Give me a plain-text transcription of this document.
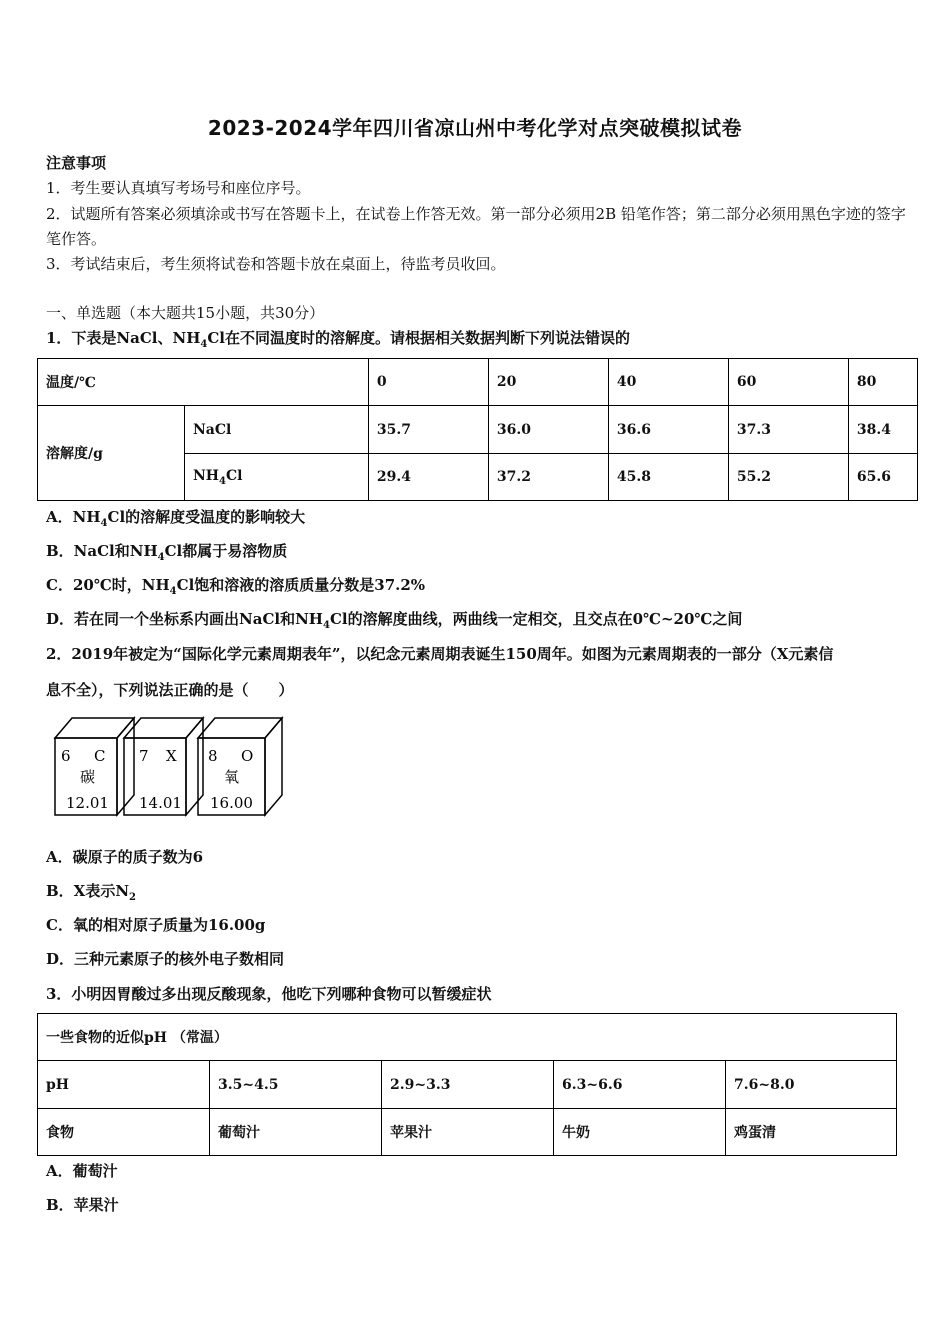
2023-2024学年四川省凉山州中考化学对点突破模拟试卷
注意事项
1．考生要认真填写考场号和座位序号。
2．试题所有答案必须填涂或书写在答题卡上，在试卷上作答无效。第一部分必须用2B 铅笔作答；第二部分必须用黑色字迹的签字笔作答。
3．考试结束后，考生须将试卷和答题卡放在桌面上，待监考员收回。
一、单选题（本大题共15小题，共30分）
1．下表是NaCl、$NH_4Cl$在不同温度时的溶解度。请根据相关数据判断下列说法错误的
温度/℃		0	20	40	60	80
溶解度/g	NaCl	35.7	36.0	36.6	37.3	38.4
	$NH_4Cl$	29.4	37.2	45.8	55.2	65.6
A．$NH_4Cl$的溶解度受温度的影响较大
B．NaCl和$NH_4Cl$都属于易溶物质
C．20℃时，$NH_4Cl$饱和溶液的溶质质量分数是37.2%
D．若在同一个坐标系内画出NaCl和$NH_4Cl$的溶解度曲线，两曲线一定相交，且交点在0℃~20℃之间
2．2019年被定为“国际化学元素周期表年”，以纪念元素周期表诞生150周年。如图为元素周期表的一部分（X元素信
息不全），下列说法正确的是（　　）
6 C
碳
12.01
7 X
14.01
8 O
氧
16.00
A．碳原子的质子数为6
B．X表示$N_2$
C．氧的相对原子质量为16.00g
D．三种元素原子的核外电子数相同
3．小明因胃酸过多出现反酸现象，他吃下列哪种食物可以暂缓症状
一些食物的近似pH （常温）				
pH	3.5~4.5	2.9~3.3	6.3~6.6	7.6~8.0
食物	葡萄汁	苹果汁	牛奶	鸡蛋清
A．葡萄汁
B．苹果汁
